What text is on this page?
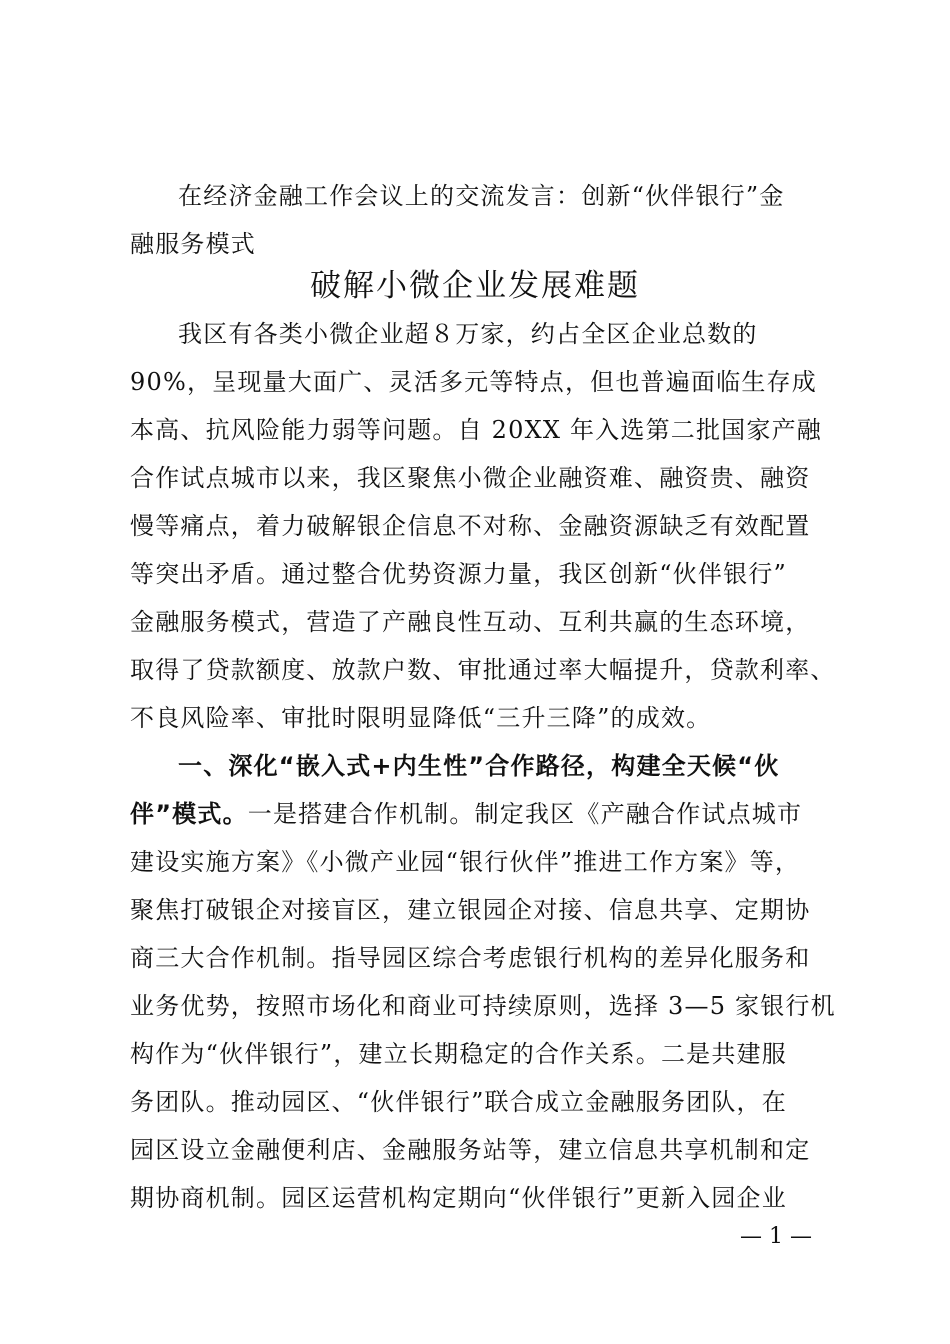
在经济金融工作会议上的交流发言：创新“伙伴银行”金
融服务模式
破解小微企业发展难题
我区有各类小微企业超８万家，约占全区企业总数的
90%，呈现量大面广、灵活多元等特点，但也普遍面临生存成
本高、抗风险能力弱等问题。自 20XX 年入选第二批国家产融
合作试点城市以来，我区聚焦小微企业融资难、融资贵、融资
慢等痛点，着力破解银企信息不对称、金融资源缺乏有效配置
等突出矛盾。通过整合优势资源力量，我区创新“伙伴银行”
金融服务模式，营造了产融良性互动、互利共赢的生态环境，
取得了贷款额度、放款户数、审批通过率大幅提升，贷款利率、
不良风险率、审批时限明显降低“三升三降”的成效。
一、深化“嵌入式+内生性”合作路径，构建全天候“伙
伴”模式。一是搭建合作机制。制定我区《产融合作试点城市
建设实施方案》《小微产业园“银行伙伴”推进工作方案》等，
聚焦打破银企对接盲区，建立银园企对接、信息共享、定期协
商三大合作机制。指导园区综合考虑银行机构的差异化服务和
业务优势，按照市场化和商业可持续原则，选择 3—5 家银行机
构作为“伙伴银行”，建立长期稳定的合作关系。二是共建服
务团队。推动园区、“伙伴银行”联合成立金融服务团队，在
园区设立金融便利店、金融服务站等，建立信息共享机制和定
期协商机制。园区运营机构定期向“伙伴银行”更新入园企业
— 1 —
